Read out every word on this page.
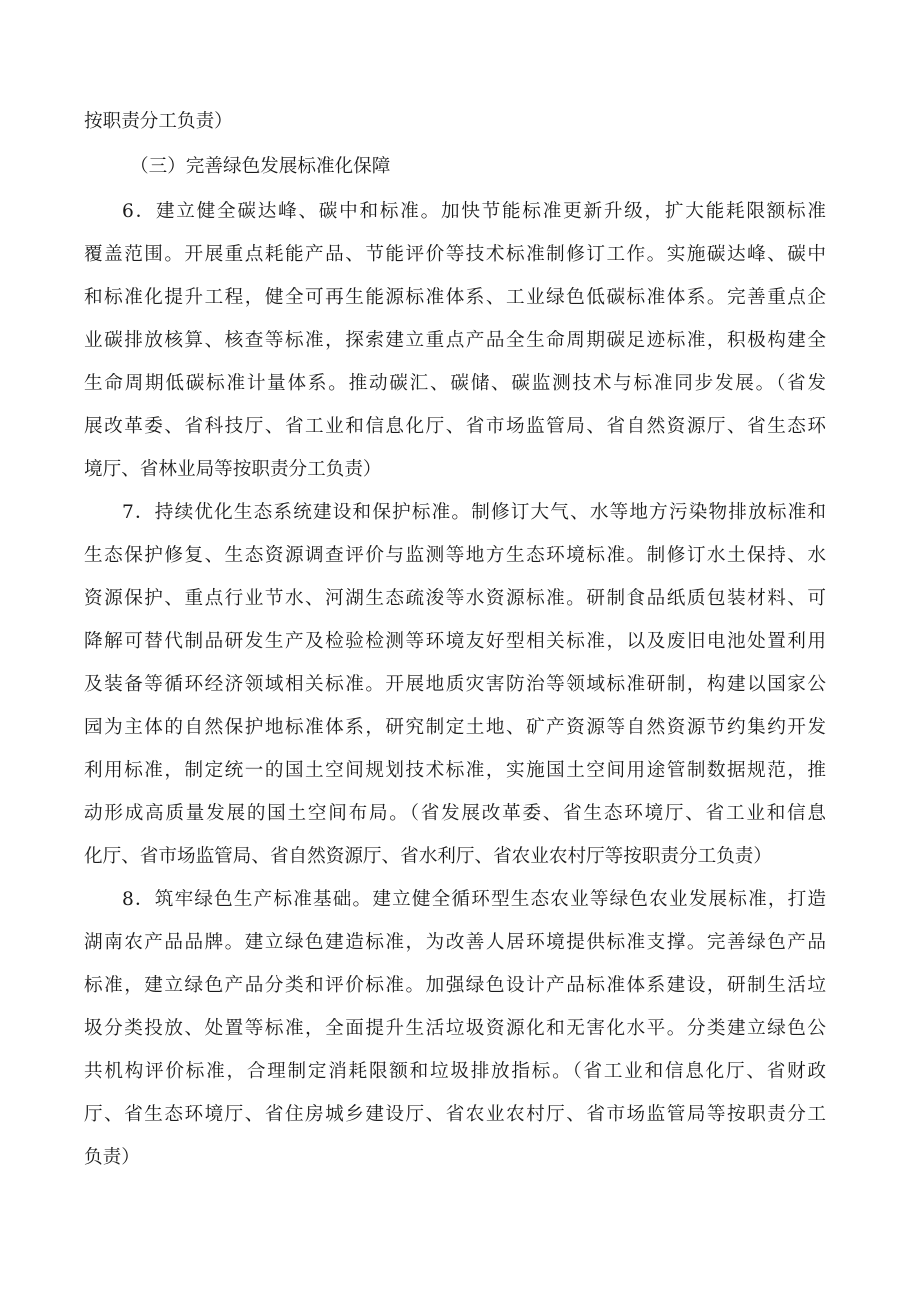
按职责分工负责）

（三）完善绿色发展标准化保障

6．建立健全碳达峰、碳中和标准。加快节能标准更新升级，扩大能耗限额标准

覆盖范围。开展重点耗能产品、节能评价等技术标准制修订工作。实施碳达峰、碳中

和标准化提升工程，健全可再生能源标准体系、工业绿色低碳标准体系。完善重点企

业碳排放核算、核查等标准，探索建立重点产品全生命周期碳足迹标准，积极构建全

生命周期低碳标准计量体系。推动碳汇、碳储、碳监测技术与标准同步发展。（省发

展改革委、省科技厅、省工业和信息化厅、省市场监管局、省自然资源厅、省生态环

境厅、省林业局等按职责分工负责）

7．持续优化生态系统建设和保护标准。制修订大气、水等地方污染物排放标准和

生态保护修复、生态资源调查评价与监测等地方生态环境标准。制修订水土保持、水

资源保护、重点行业节水、河湖生态疏浚等水资源标准。研制食品纸质包装材料、可

降解可替代制品研发生产及检验检测等环境友好型相关标准，以及废旧电池处置利用

及装备等循环经济领域相关标准。开展地质灾害防治等领域标准研制，构建以国家公

园为主体的自然保护地标准体系，研究制定土地、矿产资源等自然资源节约集约开发

利用标准，制定统一的国土空间规划技术标准，实施国土空间用途管制数据规范，推

动形成高质量发展的国土空间布局。（省发展改革委、省生态环境厅、省工业和信息

化厅、省市场监管局、省自然资源厅、省水利厅、省农业农村厅等按职责分工负责）

8．筑牢绿色生产标准基础。建立健全循环型生态农业等绿色农业发展标准，打造

湖南农产品品牌。建立绿色建造标准，为改善人居环境提供标准支撑。完善绿色产品

标准，建立绿色产品分类和评价标准。加强绿色设计产品标准体系建设，研制生活垃

圾分类投放、处置等标准，全面提升生活垃圾资源化和无害化水平。分类建立绿色公

共机构评价标准，合理制定消耗限额和垃圾排放指标。（省工业和信息化厅、省财政

厅、省生态环境厅、省住房城乡建设厅、省农业农村厅、省市场监管局等按职责分工

负责）
